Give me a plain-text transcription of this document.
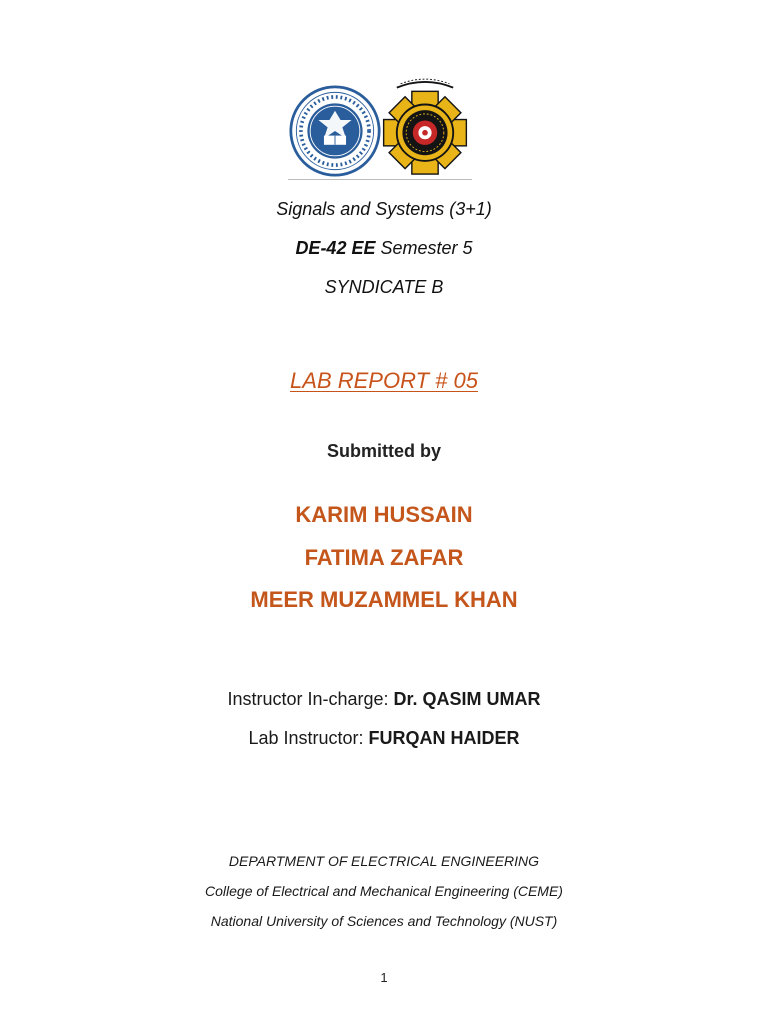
Signals and Systems (3+1)
DE-42 EE Semester 5
SYNDICATE B
LAB REPORT # 05
Submitted by
KARIM HUSSAIN
FATIMA ZAFAR
MEER MUZAMMEL KHAN
Instructor In-charge: Dr. QASIM UMAR
Lab Instructor: FURQAN HAIDER
DEPARTMENT OF ELECTRICAL ENGINEERING
College of Electrical and Mechanical Engineering (CEME)
National University of Sciences and Technology (NUST)
1
